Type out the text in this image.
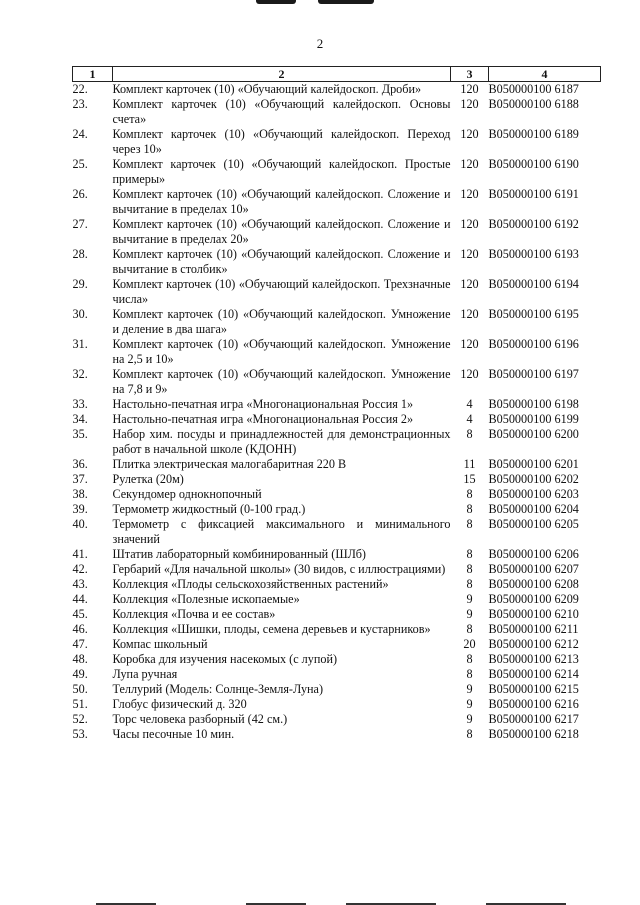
2
1	2	3	4
22.	Комплект карточек (10) «Обучающий калейдоскоп. Дроби»	120	B050000100 6187
23.	Комплект карточек (10) «Обучающий калейдоскоп. Основы счета»	120	B050000100 6188
24.	Комплект карточек (10) «Обучающий калейдоскоп. Переход через 10»	120	B050000100 6189
25.	Комплект карточек (10) «Обучающий калейдоскоп. Простые примеры»	120	B050000100 6190
26.	Комплект карточек (10) «Обучающий калейдоскоп. Сложение и вычитание в пределах 10»	120	B050000100 6191
27.	Комплект карточек (10) «Обучающий калейдоскоп. Сложение и вычитание в пределах 20»	120	B050000100 6192
28.	Комплект карточек (10) «Обучающий калейдоскоп. Сложение и вычитание в столбик»	120	B050000100 6193
29.	Комплект карточек (10) «Обучающий калейдоскоп. Трехзначные числа»	120	B050000100 6194
30.	Комплект карточек (10) «Обучающий калейдоскоп. Умножение и деление в два шага»	120	B050000100 6195
31.	Комплект карточек (10) «Обучающий калейдоскоп. Умножение на 2,5 и 10»	120	B050000100 6196
32.	Комплект карточек (10) «Обучающий калейдоскоп. Умножение на 7,8 и 9»	120	B050000100 6197
33.	Настольно-печатная игра «Многонациональная Россия 1»	4	B050000100 6198
34.	Настольно-печатная игра «Многонациональная Россия 2»	4	B050000100 6199
35.	Набор хим. посуды и принадлежностей для демонстрационных работ в начальной школе (КДОНН)	8	B050000100 6200
36.	Плитка электрическая малогабаритная 220 В	11	B050000100 6201
37.	Рулетка (20м)	15	B050000100 6202
38.	Секундомер однокнопочный	8	B050000100 6203
39.	Термометр жидкостный (0-100 град.)	8	B050000100 6204
40.	Термометр с фиксацией максимального и минимального значений	8	B050000100 6205
41.	Штатив лабораторный комбинированный (ШЛб)	8	B050000100 6206
42.	Гербарий «Для начальной школы» (30 видов, с иллюстрациями)	8	B050000100 6207
43.	Коллекция «Плоды сельскохозяйственных растений»	8	B050000100 6208
44.	Коллекция «Полезные ископаемые»	9	B050000100 6209
45.	Коллекция «Почва и ее состав»	9	B050000100 6210
46.	Коллекция «Шишки, плоды, семена деревьев и кустарников»	8	B050000100 6211
47.	Компас школьный	20	B050000100 6212
48.	Коробка для изучения насекомых (с лупой)	8	B050000100 6213
49.	Лупа ручная	8	B050000100 6214
50.	Теллурий (Модель: Солнце-Земля-Луна)	9	B050000100 6215
51.	Глобус физический д. 320	9	B050000100 6216
52.	Торс человека разборный (42 см.)	9	B050000100 6217
53.	Часы песочные 10 мин.	8	B050000100 6218
